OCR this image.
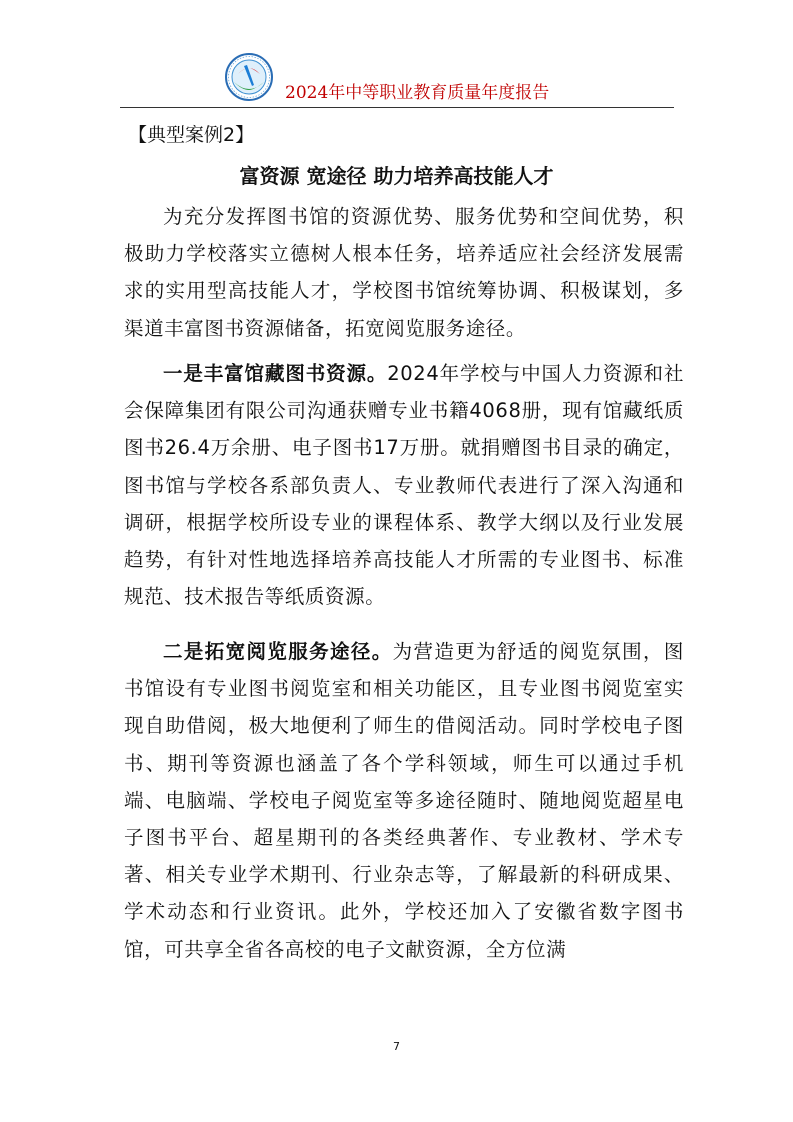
2024年中等职业教育质量年度报告
【典型案例2】
富资源 宽途径 助力培养高技能人才

为充分发挥图书馆的资源优势、服务优势和空间优势，积极助力学校落实立德树人根本任务，培养适应社会经济发展需求的实用型高技能人才，学校图书馆统筹协调、积极谋划，多渠道丰富图书资源储备，拓宽阅览服务途径。

一是丰富馆藏图书资源。2024年学校与中国人力资源和社会保障集团有限公司沟通获赠专业书籍4068册，现有馆藏纸质图书26.4万余册、电子图书17万册。就捐赠图书目录的确定，图书馆与学校各系部负责人、专业教师代表进行了深入沟通和调研，根据学校所设专业的课程体系、教学大纲以及行业发展趋势，有针对性地选择培养高技能人才所需的专业图书、标准规范、技术报告等纸质资源。

二是拓宽阅览服务途径。为营造更为舒适的阅览氛围，图书馆设有专业图书阅览室和相关功能区，且专业图书阅览室实现自助借阅，极大地便利了师生的借阅活动。同时学校电子图书、期刊等资源也涵盖了各个学科领域，师生可以通过手机端、电脑端、学校电子阅览室等多途径随时、随地阅览超星电子图书平台、超星期刊的各类经典著作、专业教材、学术专著、相关专业学术期刊、行业杂志等，了解最新的科研成果、学术动态和行业资讯。此外，学校还加入了安徽省数字图书馆，可共享全省各高校的电子文献资源，全方位满

7
